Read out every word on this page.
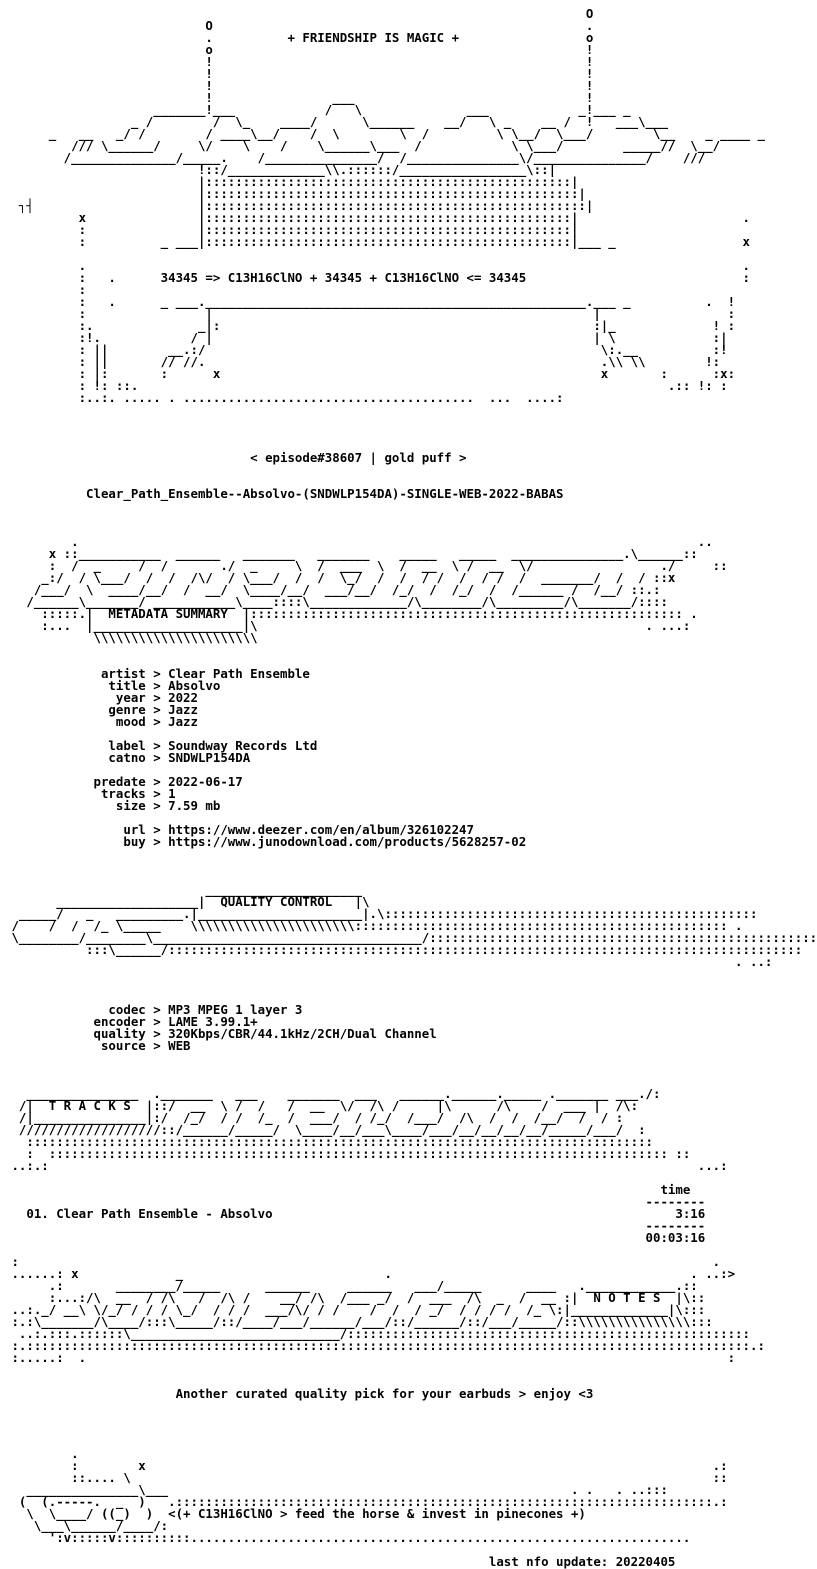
O
O                                                  .
.          + FRIENDSHIP IS MAGIC +                 o
o                                                  !
!                                                  !
!                                                  !
!                                                  !
!                ___                               !
_______!___            /   \              ___            _!___ _
_ /        /  \_    ____/      \______    __/   \ _    __ /  !   ___\___
_   __   _/ /        / ____\__/    /  \        \  /         \ \__/  \___/        \__    _ ____ _
/// \______/     \/    \    /    \______\___  /            \ \___/        _____//  \__/
/______________/_____.    /_______________/  /_______________\/_______________/    ///
!::/_____________\\.::::::/_________________\::|
|:::::::::::::::::::::::::::::::::::::::::::::::::|
|::::::::::::::::::::::::::::::::::::::::::::::::::|
┐┤                      |:::::::::::::::::::::::::::::::::::::::::::::::::::|
x               |:::::::::::::::::::::::::::::::::::::::::::::::::|                      .
:               |:::::::::::::::::::::::::::::::::::::::::::::::::|
:          _ ___|:::::::::::::::::::::::::::::::::::::::::::::::::|___ _                 x
.                                                                                        .
:   .      34345 => C13H16ClNO + 34345 + C13H16ClNO <= 34345                             :
:
:   .      _ ___.___________________________________________________.___ _          .  !
:                |                                                   |                 :
:.              _|:                                                  :|_             ! :
:!.            / |                                                   | \             :|
: ||        __.:/                                                     \:.__          :!
: ||       // //.                                                     .\\ \\        !:
: |:       :      x                                                   x       :      :x:
: !: ::.                                                                       .:: !: :
:..:. ..... . .......................................  ...  ....:
< episode#38607 | gold puff >
Clear_Path_Ensemble--Absolvo-(SNDWLP154DA)-SINGLE-WEB-2022-BABAS
.                                                                                   ..
x ::___________  ______   _______   _______    _____   _____  _______________.\______::
:  /  _     /  /       ./  _     \  /  ___  \  /  __  \ /  __  \/                 ./     ::
_:/  / \___/  /  /  /\/  / \___/  /  /  \_/  /  /  / /  /  / /  /  _______/  /  / ::x
/___/  \  ____/__/  /  __/  \____/__/  ___/__/  /_/  /  /_/  /  /______ /  /__/ ::.:
/______\_______/ ___________\____::::\_____________/\________/\_________/\_______/::::
:::::.|  METADATA SUMMARY  |:::::::::::::::::::::::::::::::::::::::::::::::::::::::::: .
:...  |____________________|\                                                    . ...:
\\\\\\\\\\\\\\\\\\\\\\
artist > Clear Path Ensemble
title > Absolvo
year > 2022
genre > Jazz
mood > Jazz
label > Soundway Records Ltd
catno > SNDWLP154DA
predate > 2022-06-17
tracks > 1
size > 7.59 mb
url > https://www.deezer.com/en/album/326102247
buy > https://www.junodownload.com/products/5628257-02
_____________________
___________________|  QUALITY CONTROL   |\
_____/   _   _________.|______________________|.\::::::::::::::::::::::::::::::::::::::::::::::::::
/    /  /  /_ \_____    \\\\\\\\\\\\\\\\\\\\\\:::::::::::::::::::::::::::::::::::::::::::::::::: .
\________/________\____________________________________/::::::::::::::::::::::::::::::::::::::::::::::::::::
:::\______/:::::::::::::::::::::::::::::::::::::::::::::::::::::::::::::::::::::::::::::::::::::
. ..:
codec > MP3 MPEG 1 layer 3
encoder > LAME 3.99.1+
quality > 320Kbps/CBR/44.1kHz/2CH/Dual Channel
source > WEB
_______________  ._______   ___    _______  ___   ______.______._____ ._______ ___./:
/|  T R A C K S  |::/  __  \ /  /   /  __  \/  /\ /     |\      /\    /  ___ |  /\:
/|_______________|:/  /_/  / /  /_  /  ___/  / /_/  /___/  /\  /  /  /__/  /  / :
///////////////////::/______/_____/  \____/__/___\____/___/__/__/__/__/_____/___/  :
::::::::::::::::::::::::::::::::::::::::::::::::::::::::::::::::::::::::::::::::::::
:  ::::::::::::::::::::::::::::::::::::::::::::::::::::::::::::::::::::::::::::::::::: ::
..:.:                                                                                       ...:
time
--------
01. Clear Path Ensemble - Absolvo                                                      3:16
--------
00:03:16
:                                                                                             .
......: x             _                           .                                        . ..:>
.:       ________/_____      ______     ______   ___/_____      ____   .____________.::
:...:/\  __  / /\   /  /\ /    __/ /\  /___ _/  /  ___  /\  _  /  __ :|  N O T E S  |\::
..:._/ __\ \/_/ / / / \_/  / / /  ___/\/ / /    /  /  / _/  / / / /  /_ \:|_____________|\:::
:.:\_______/\____/:::\_____/::/____/___/______/___/::/______/::/___/_____/::\\\\\\\\\\\\\\\:::
..:.:::.::::::\____________________________/::::::::::::::::::::::::::::::::::::::::::::::::::::::
:.:::::::::::::::::::::::::::::::::::::::::::::::::::::::::::::::::::::::::::::::::::::::::::::::::.:
:.....:  .                                                                                      :
Another curated quality pick for your earbuds > enjoy <3
.
:        x                                                                            .:
::.... \                                                                              ::
_______________\___                                                      . .   . ..:::
(  (.-----.  _  )   .::::::::::::::::::::::::::::::::::::::::::::::::::::::::::::::::::::::::.:
\  \____/ ((_)  )  <(+ C13H16ClNO > feed the horse & invest in pinecones +)
\___\______/____/:
':v:::::v::::::::::...................................................................
last nfo update: 20220405
